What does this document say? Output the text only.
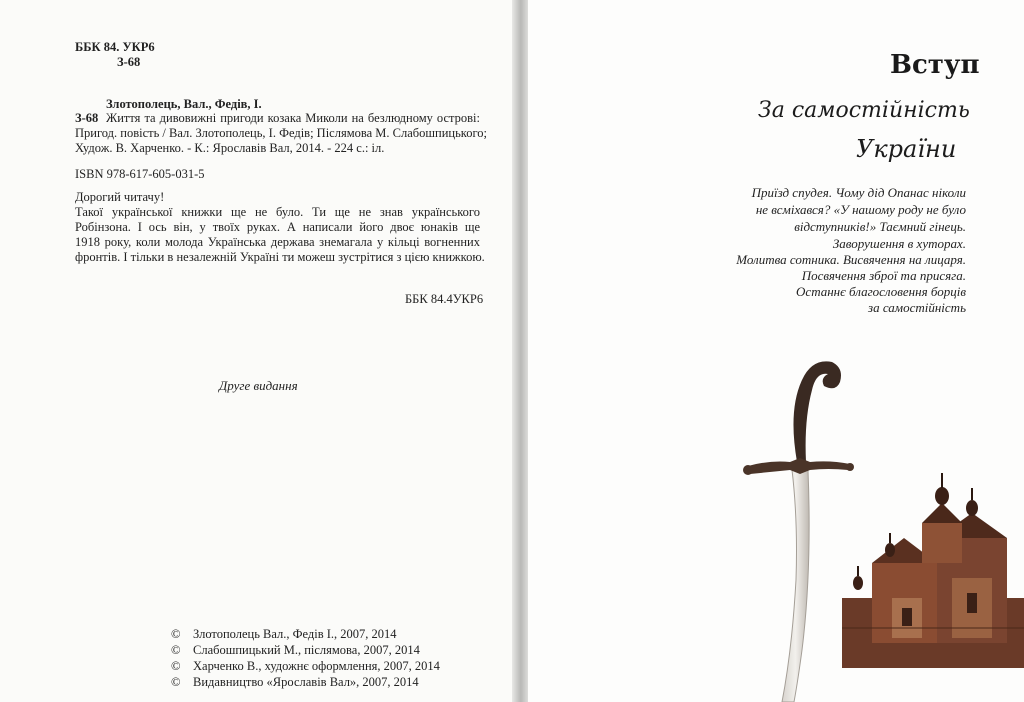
ББК 84. УКР6
З-68
Злотополець, Вал., Федів, І.
З-68 Життя та дивовижні пригоди козака Миколи на безлюдному острові:
Пригод. повість / Вал. Злотополець, І. Федів; Післямова М. Слабошпицького;
Худож. В. Харченко. - К.: Ярославів Вал, 2014. - 224 с.: іл.
ISBN 978-617-605-031-5
Дорогий читачу!
Такої української книжки ще не було. Ти ще не знав українського
Робінзона. І ось він, у твоїх руках. А написали його двоє юнаків ще
1918 року, коли молода Українська держава знемагала у кільці вогненних
фронтів. І тільки в незалежній Україні ти можеш зустрітися з цією книжкою.
ББК 84.4УКР6
Друге видання
© Злотополець Вал., Федів І., 2007, 2014
© Слабошпицький М., післямова, 2007, 2014
© Харченко В., художнє оформлення, 2007, 2014
© Видавництво «Ярославів Вал», 2007, 2014
Вступ
За самостійність
України
Приїзд спудея. Чому дід Опанас ніколи
не всміхався? «У нашому роду не було
відступників!» Таємний гінець.
Заворушення в хуторах.
Молитва сотника. Висвячення на лицаря.
Посвячення зброї та присяга.
Останнє благословення борців
за самостійність
